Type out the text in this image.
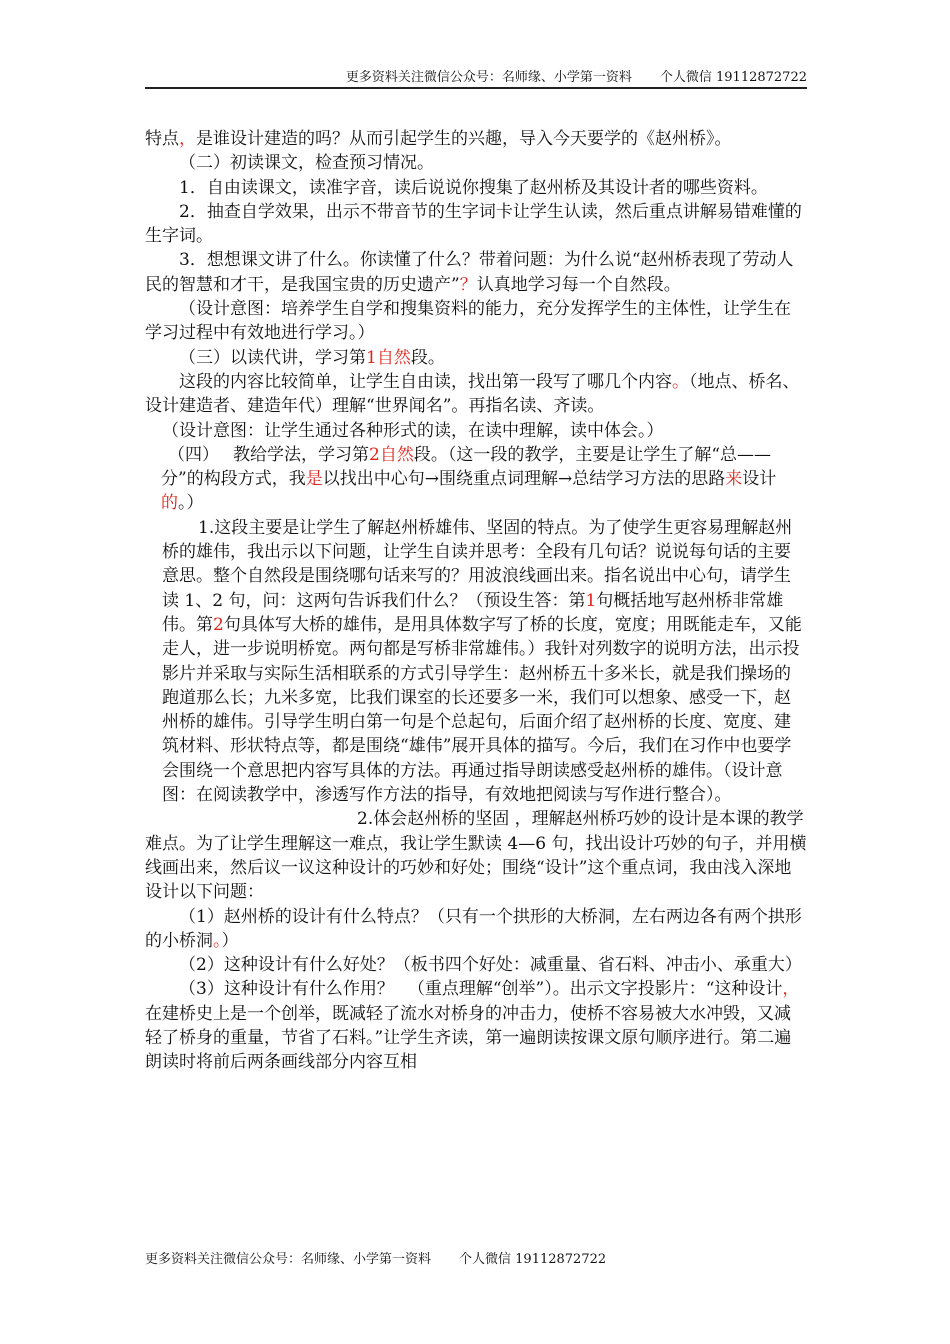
更多资料关注微信公众号：名师缘、小学第一资料 个人微信 19112872722

特点，是谁设计建造的吗？从而引起学生的兴趣，导入今天要学的《赵州桥》。

（二）初读课文，检查预习情况。

1．自由读课文，读准字音，读后说说你搜集了赵州桥及其设计者的哪些资料。

2．抽查自学效果，出示不带音节的生字词卡让学生认读，然后重点讲解易错难懂的生字词。

3．想想课文讲了什么。你读懂了什么？带着问题：为什么说“赵州桥表现了劳动人民的智慧和才干，是我国宝贵的历史遗产”？认真地学习每一个自然段。

（设计意图：培养学生自学和搜集资料的能力，充分发挥学生的主体性，让学生在学习过程中有效地进行学习。）

（三）以读代讲，学习第1自然段。

这段的内容比较简单，让学生自由读，找出第一段写了哪几个内容。（地点、桥名、设计建造者、建造年代）理解“世界闻名”。再指名读、齐读。

（设计意图：让学生通过各种形式的读，在读中理解，读中体会。）

（四） 教给学法，学习第2自然段。（这一段的教学，主要是让学生了解“总——分”的构段方式，我是以找出中心句→围绕重点词理解→总结学习方法的思路来设计的。）

1.这段主要是让学生了解赵州桥雄伟、坚固的特点。为了使学生更容易理解赵州桥的雄伟，我出示以下问题，让学生自读并思考：全段有几句话？说说每句话的主要意思。整个自然段是围绕哪句话来写的？用波浪线画出来。指名说出中心句，请学生读 1、2 句，问：这两句告诉我们什么？（预设生答：第1句概括地写赵州桥非常雄伟。第2句具体写大桥的雄伟，是用具体数字写了桥的长度，宽度；用既能走车，又能走人，进一步说明桥宽。两句都是写桥非常雄伟。）我针对列数字的说明方法，出示投影片并采取与实际生活相联系的方式引导学生：赵州桥五十多米长，就是我们操场的跑道那么长；九米多宽，比我们课室的长还要多一米，我们可以想象、感受一下，赵州桥的雄伟。引导学生明白第一句是个总起句，后面介绍了赵州桥的长度、宽度、建筑材料、形状特点等，都是围绕“雄伟”展开具体的描写。今后，我们在习作中也要学会围绕一个意思把内容写具体的方法。再通过指导朗读感受赵州桥的雄伟。（设计意图：在阅读教学中，渗透写作方法的指导，有效地把阅读与写作进行整合）。

2.体会赵州桥的坚固 ，理解赵州桥巧妙的设计是本课的教学难点。为了让学生理解这一难点，我让学生默读 4—6 句，找出设计巧妙的句子，并用横线画出来，然后议一议这种设计的巧妙和好处；围绕“设计”这个重点词，我由浅入深地设计以下问题：

（1）赵州桥的设计有什么特点？（只有一个拱形的大桥洞，左右两边各有两个拱形的小桥洞。）

（2）这种设计有什么好处？（板书四个好处：减重量、省石料、冲击小、承重大）

（3）这种设计有什么作用？ （重点理解“创举”）。出示文字投影片：“这种设计，在建桥史上是一个创举，既减轻了流水对桥身的冲击力，使桥不容易被大水冲毁，又减轻了桥身的重量，节省了石料。”让学生齐读，第一遍朗读按课文原句顺序进行。第二遍朗读时将前后两条画线部分内容互相

更多资料关注微信公众号：名师缘、小学第一资料 个人微信 19112872722
